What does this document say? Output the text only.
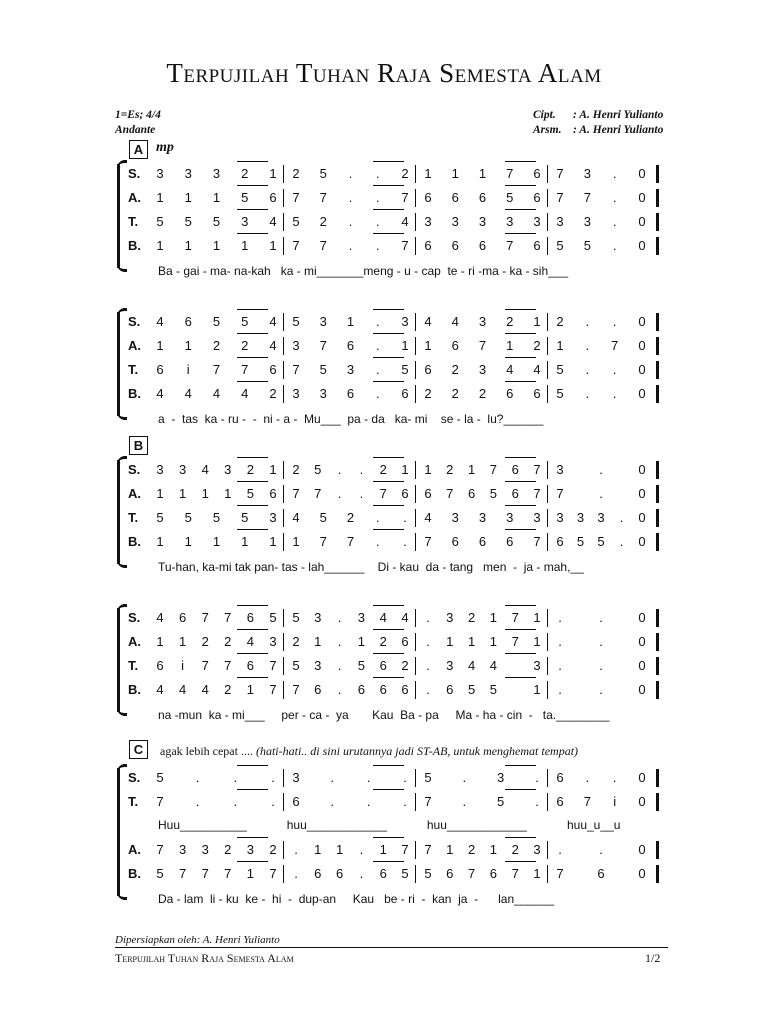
Terpujilah Tuhan Raja Semesta Alam
1=Es; 4/4
Andante
Cipt. : A. Henri Yulianto
Arsm. : A. Henri Yulianto
A mp
B
C	agak lebih cepat .... (hati-hati.. di sini urutannya jadi ST-AB, untuk menghemat tempat)
S.	3	3	3	2	1	2	5	.	.	2	1	1	1	7	6	7	3	.	0
A.	1	1	1	5	6	7	7	.	.	7	6	6	6	5	6	7	7	.	0
T.	5	5	5	3	4	5	2	.	.	4	3	3	3	3	3	3	3	.	0
B.	1	1	1	1	1	7	7	.	.	7	6	6	6	7	6	5	5	.	0
Ba - gai - ma- na-kah   ka - mi_______meng - u - cap  te - ri -ma - ka - sih___
S.	4	6	5	5	4	5	3	1	.	3	4	4	3	2	1	2	.	.	0
A.	1	1	2	2	4	3	7	6	.	1	1	6	7	1	2	1	.	7	0
T.	6	i	7	7	6	7	5	3	.	5	6	2	3	4	4	5	.	.	0
B.	4	4	4	4	2	3	3	6	.	6	2	2	2	6	6	5	.	.	0
a  -  tas  ka - ru -  -  ni - a -  Mu___  pa - da   ka- mi    se - la -  lu?______
S.	3	3	4	3	2	1	2	5	.	.	2	1	1	2	1	7	6	7	3	.	0
A.	1	1	1	1	5	6	7	7	.	.	7	6	6	7	6	5	6	7	7	.	0
T.	5	5	5	5	3	4	5	2	.	.	4	3	3	3	3	3	3	3	.	0
B.	1	1	1	1	1	1	7	7	.	.	7	6	6	6	7	6	5	5	.	0
Tu-han, ka-mi tak pan- tas - lah______    Di - kau  da - tang   men  -  ja - mah,__
S.	4	6	7	7	6	5	5	3	.	3	4	4	.	3	2	1	7	1	.	.	0
A.	1	1	2	2	4	3	2	1	.	1	2	6	.	1	1	1	7	1	.	.	0
T.	6	i	7	7	6	7	5	3	.	5	6	2	.	3	4	4	3	.	.	0
B.	4	4	4	2	1	7	7	6	.	6	6	6	.	6	5	5	1	.	.	0
na -mun  ka - mi___     per - ca -  ya       Kau  Ba - pa     Ma - ha - cin  -   ta.________
S.	5	.	.	.	3	.	.	.	5	.	3	.	6	.	.	0
T.	7	.	.	.	6	.	.	.	7	.	5	.	6	7	i	0
Huu__________            huu____________            huu____________            huu_u__u
A.	7	3	3	2	3	2	.	1	1	.	1	7	7	1	2	1	2	3	.	.	0
B.	5	7	7	7	1	7	.	6	6	.	6	5	5	6	7	6	7	1	7	6	0
Da - lam  li - ku  ke -  hi  -  dup-an     Kau   be - ri  -  kan  ja  -      lan______
Dipersiapkan oleh: A. Henri Yulianto
Terpujilah Tuhan Raja Semesta Alam	1/2
